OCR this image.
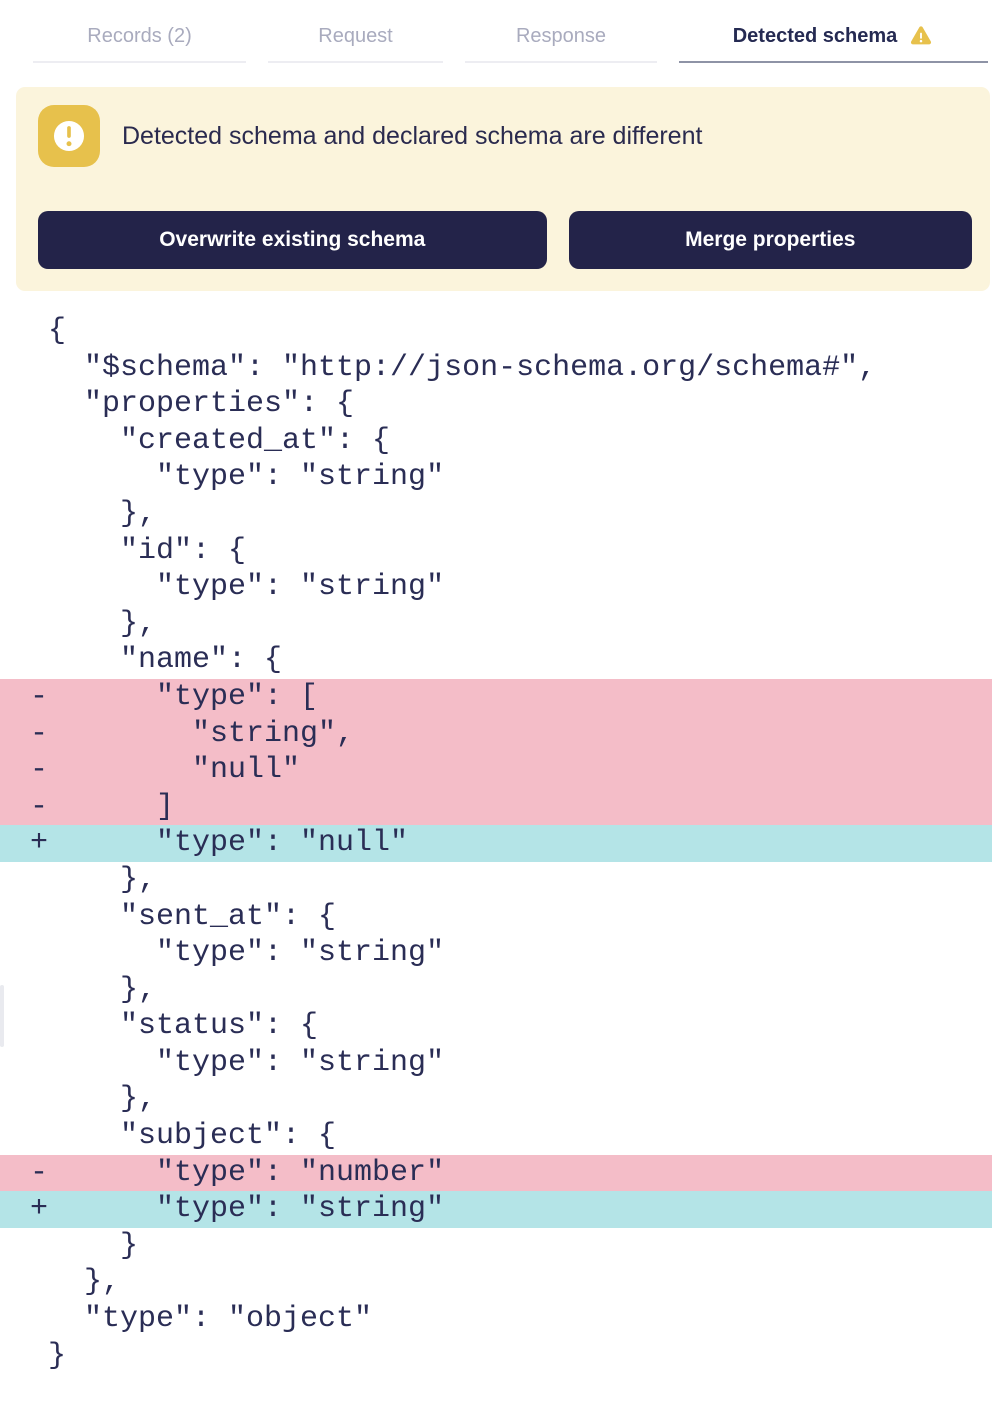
Records (2)	Request	Response	Detected schema
Detected schema and declared schema are different
Overwrite existing schema	Merge properties
{
"$schema": "http://json-schema.org/schema#",
"properties": {
"created_at": {
"type": "string"
},
"id": {
"type": "string"
},
"name": {
-      "type": [
-        "string",
-        "null"
-      ]
+      "type": "null"
},
"sent_at": {
"type": "string"
},
"status": {
"type": "string"
},
"subject": {
-      "type": "number"
+      "type": "string"
}
},
"type": "object"
}
